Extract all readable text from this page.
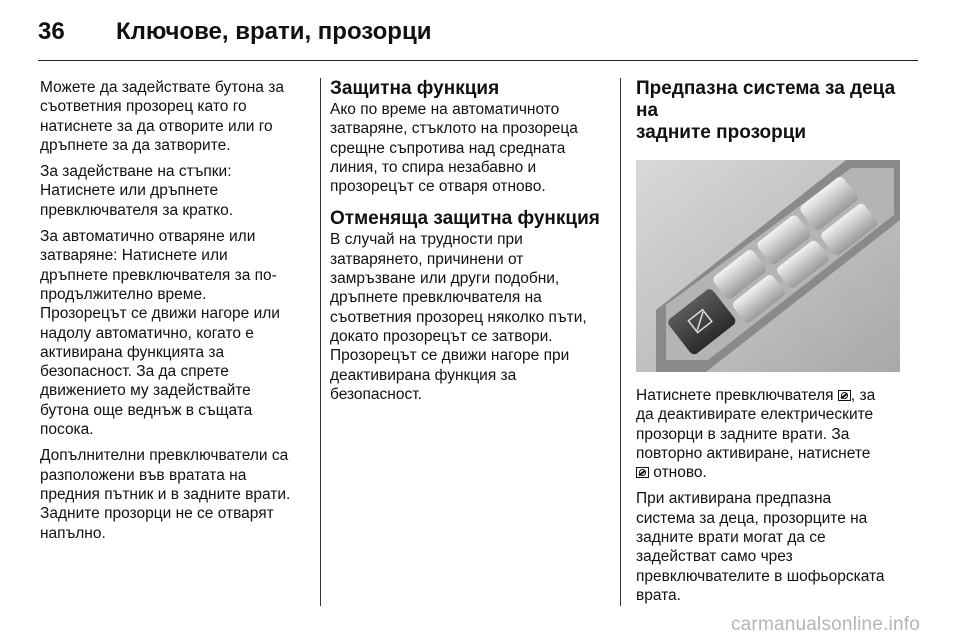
36 Ключове, врати, прозорци

Можете да задействате бутона за
съответния прозорец като го
натиснете за да отворите или го
дръпнете за да затворите.

За задействане на стъпки:
Натиснете или дръпнете
превключвателя за кратко.

За автоматично отваряне или
затваряне: Натиснете или
дръпнете превключвателя за по-
продължително време.
Прозорецът се движи нагоре или
надолу автоматично, когато е
активирана функцията за
безопасност. За да спрете
движението му задействайте
бутона още веднъж в същата
посока.

Допълнителни превключватели са
разположени във вратата на
предния пътник и в задните врати.
Задните прозорци не се отварят
напълно.

Защитна функция

Ако по време на автоматичното
затваряне, стъклото на прозореца
срещне съпротива над средната
линия, то спира незабавно и
прозорецът се отваря отново.

Отменяща защитна функция

В случай на трудности при
затварянето, причинени от
замръзване или други подобни,
дръпнете превключвателя на
съответния прозорец няколко пъти,
докато прозорецът се затвори.
Прозорецът се движи нагоре при
деактивирана функция за
безопасност.

Предпазна система за деца на
задните прозорци

Натиснете превключвателя , за
да деактивирате електрическите
прозорци в задните врати. За
повторно активиране, натиснете
отново.

При активирана предпазна
система за деца, прозорците на
задните врати могат да се
задействат само чрез
превключвателите в шофьорската
врата.

carmanualsonline.info
